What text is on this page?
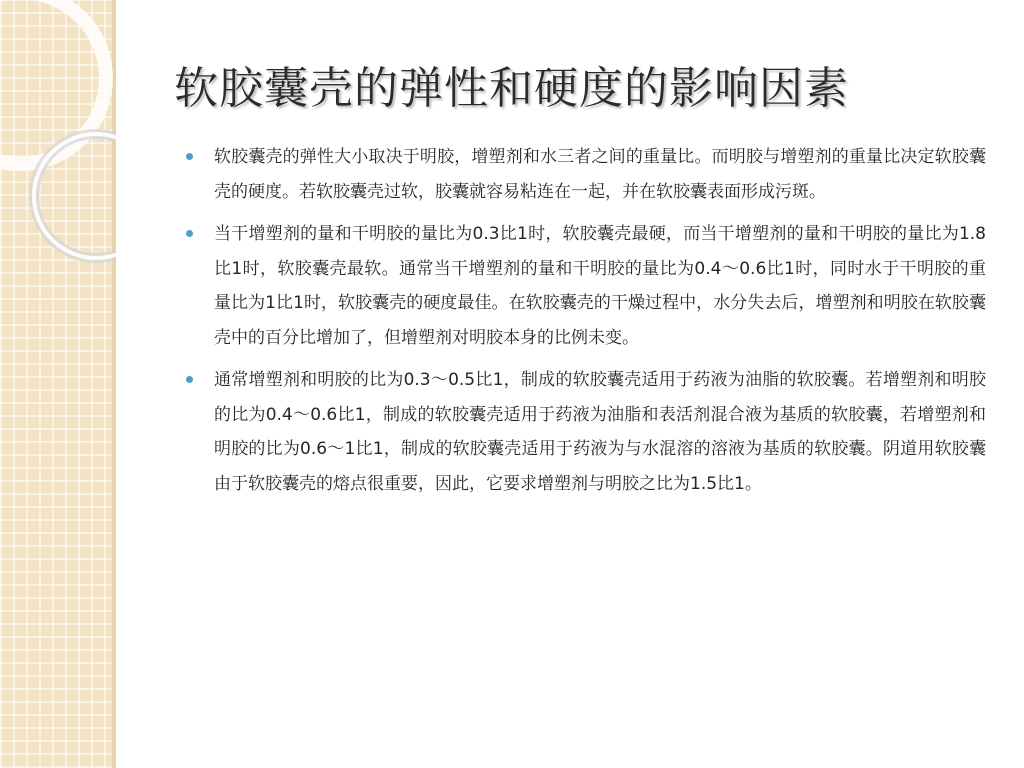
软胶囊壳的弹性和硬度的影响因素
软胶囊壳的弹性大小取决于明胶，增塑剂和水三者之间的重量比。而明胶与增塑剂的重量比决定软胶囊壳的硬度。若软胶囊壳过软，胶囊就容易粘连在一起，并在软胶囊表面形成污斑。
当干增塑剂的量和干明胶的量比为0.3比1时，软胶囊壳最硬，而当干增塑剂的量和干明胶的量比为1.8比1时，软胶囊壳最软。通常当干增塑剂的量和干明胶的量比为0.4～0.6比1时，同时水于干明胶的重量比为1比1时，软胶囊壳的硬度最佳。在软胶囊壳的干燥过程中，水分失去后，增塑剂和明胶在软胶囊壳中的百分比增加了，但增塑剂对明胶本身的比例未变。
通常增塑剂和明胶的比为0.3～0.5比1，制成的软胶囊壳适用于药液为油脂的软胶囊。若增塑剂和明胶的比为0.4～0.6比1，制成的软胶囊壳适用于药液为油脂和表活剂混合液为基质的软胶囊，若增塑剂和明胶的比为0.6～1比1，制成的软胶囊壳适用于药液为与水混溶的溶液为基质的软胶囊。阴道用软胶囊由于软胶囊壳的熔点很重要，因此，它要求增塑剂与明胶之比为1.5比1。
